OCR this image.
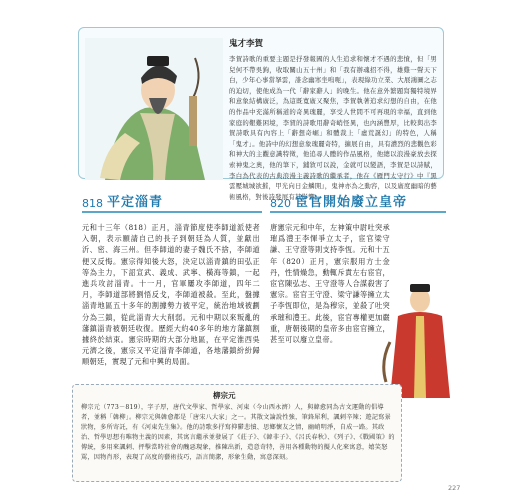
鬼才李賀
李賀詩歌的重要主題是抒發報國的人生追求和懷才不遇的悲憤，但「男兒何不帶吳鉤，收取關山五十州」和「我有辦魂招不得，雄雞一聲天下白，少年心事當拏雲，誰念幽寒坐嗚呃」，表現綠功立業、大展鴻圖之志的迫切，使他成為一代「辭家辭人」的晚生。他在意外繁題寫獨特境界和意象結構廣泛，為這既寬廣又聚焦，李賀執著追求幻想的自由，在他的作品中充滿所稱道的奇異瑰麗，享受人世間不可再現的幸福，直到他家庭的艱難困境，李賀的詩歌用辭奇峭怪異，也內涵豐厚，比較與出李賀詩歌具有內容上「辭想奇崛」和體裁上「虛荒誕幻」的特色，人稱「鬼才」。他詩中的幻想意象瑰麗奇特，擴展自由，具有濃烈的悲觀色彩和神大的主觀意識特徵，他追尋人體的作品風格，他總以浪漫豪放去探索神鬼之奧，他的筆下，鋪敘可以說，金就可以變語，李賀是以詩賦，李白為代表的古典浪漫主義詩歌的繼承者，他在《雁門太守行》中『黑雲壓城城欲摧，甲光向日金鱗開』，鬼神亦為之動容，以及廣度幽暗的藝術風格，對後詩發展有其影響。
818 平定淄青
元和十三年（818）正月，淄青節度使李師道派使者入朝，表示願請自己的長子到朝廷為人質，並獻出沂、密、海三州。但李師道的妻子魏氏不捨，李師道便又反悔。憲宗得知後大怒，決定以淄青鎮的田弘正等為主力，下詔宣武、義成、武寧、橫海等鎮，一起進兵攻討淄青。十一月，官軍屢攻李師道，四年二月，李師道部將劉悟反戈，李師道被殺。至此，盤據淄青地區五十多年的割據勢力被平定，統治地域被劃分為三鎮，從此淄青大大削弱。元和中期以來叛亂的藩鎮淄青被朝廷收復。歷經大約40多年的地方藩鎮割據終於結束。憲宗時期的大部分地區，在平定淮西吳元濟之後，憲宗又平定淄青李師道，各地藩鎮紛紛歸順朝廷，實現了元和中興的局面。
820 宦官開始廢立皇帝
唐憲宗元和中年，左神策中尉吐突承璀爲澧王李惲爭立太子，宦官梁守謙、王守澄等則支持李恆。元和十五年（820）正月，憲宗服用方士金丹，性情燥急，動輒斥責左右宦官，宦官陳弘志、王守澄等人合謀殺害了憲宗。宦官王守澄、梁守謙等擁立太子李恆即位，是為穆宗，並殺了吐突承璀和澧王。此後，宦官專權更加嚴重，唐朝後期的皇帝多由宦官擁立，甚至可以廢立皇帝。
柳宗元
柳宗元（773－819），字子厚，唐代文學家、哲學家、河東（今山西永濟）人，與韓愈同為古文運動的倡導者，並稱「韓柳」。柳宗元與韓愈都是「唐宋八大家」之一。其散文論說性強，筆鋒犀利，諷刺辛辣；遊記寫景狀物，多所寄託，有《河東先生集》。他的詩歌多抒寫抑鬱悲憤、思鄉懷友之情，幽峭明淨，自成一路。其政治、哲學思想有唯物主義的因素，其寓言繼承並發展了《莊子》、《韓非子》、《呂氏春秋》、《列子》、《戰國策》的傳統，多用來諷刺、抨擊當時社會的醜惡現象，推陳出新，造意奇特，善用各種動物的擬人化來寓意，嬉笑怒罵，因物肖形，表現了高度的藝術技巧，語言簡潔，形象生動，寓意深刻。
227
